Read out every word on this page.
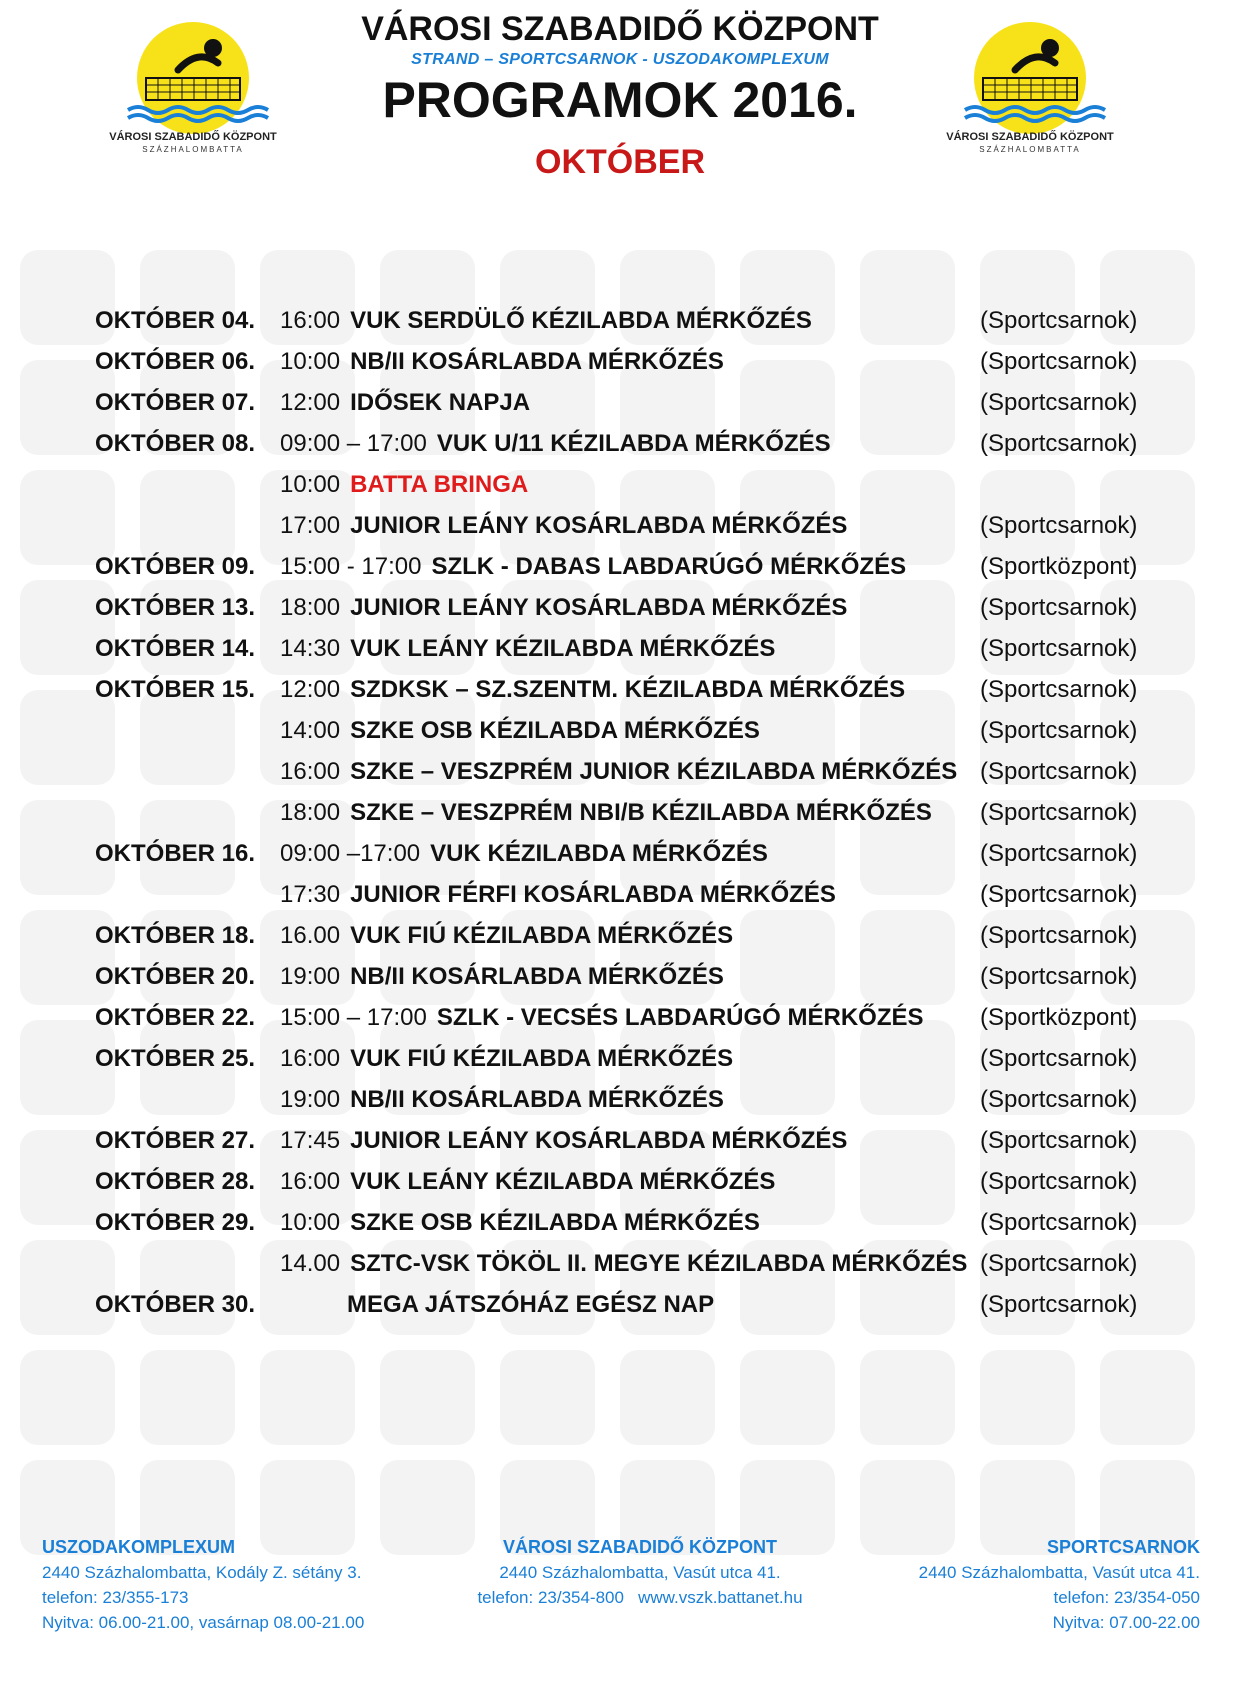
VÁROSI SZABADIDŐ KÖZPONT
SZÁZHALOMBATTA
VÁROSI SZABADIDŐ KÖZPONT
SZÁZHALOMBATTA
VÁROSI SZABADIDŐ KÖZPONT
STRAND – SPORTCSARNOK - USZODAKOMPLEXUM
PROGRAMOK 2016.
OKTÓBER
OKTÓBER 04. 16:00 VUK SERDÜLŐ KÉZILABDA MÉRKŐZÉS	(Sportcsarnok)
OKTÓBER 06. 10:00 NB/II KOSÁRLABDA MÉRKŐZÉS	(Sportcsarnok)
OKTÓBER 07. 12:00 IDŐSEK NAPJA	(Sportcsarnok)
OKTÓBER 08. 09:00 – 17:00 VUK U/11 KÉZILABDA MÉRKŐZÉS	(Sportcsarnok)
10:00 BATTA BRINGA
17:00 JUNIOR LEÁNY KOSÁRLABDA MÉRKŐZÉS	(Sportcsarnok)
OKTÓBER 09. 15:00 - 17:00 SZLK - DABAS LABDARÚGÓ MÉRKŐZÉS	(Sportközpont)
OKTÓBER 13. 18:00 JUNIOR LEÁNY KOSÁRLABDA MÉRKŐZÉS	(Sportcsarnok)
OKTÓBER 14. 14:30 VUK LEÁNY KÉZILABDA MÉRKŐZÉS	(Sportcsarnok)
OKTÓBER 15. 12:00 SZDKSK – SZ.SZENTM. KÉZILABDA MÉRKŐZÉS	(Sportcsarnok)
14:00 SZKE OSB KÉZILABDA MÉRKŐZÉS	(Sportcsarnok)
16:00 SZKE – VESZPRÉM JUNIOR KÉZILABDA MÉRKŐZÉS (Sportcsarnok)
18:00 SZKE – VESZPRÉM NBI/B KÉZILABDA MÉRKŐZÉS (Sportcsarnok)
OKTÓBER 16. 09:00 –17:00 VUK KÉZILABDA MÉRKŐZÉS	(Sportcsarnok)
17:30 JUNIOR FÉRFI KOSÁRLABDA MÉRKŐZÉS	(Sportcsarnok)
OKTÓBER 18. 16.00 VUK FIÚ KÉZILABDA MÉRKŐZÉS	(Sportcsarnok)
OKTÓBER 20. 19:00 NB/II KOSÁRLABDA MÉRKŐZÉS	(Sportcsarnok)
OKTÓBER 22. 15:00 – 17:00 SZLK - VECSÉS LABDARÚGÓ MÉRKŐZÉS (Sportközpont)
OKTÓBER 25. 16:00 VUK FIÚ KÉZILABDA MÉRKŐZÉS	(Sportcsarnok)
19:00 NB/II KOSÁRLABDA MÉRKŐZÉS	(Sportcsarnok)
OKTÓBER 27. 17:45 JUNIOR LEÁNY KOSÁRLABDA MÉRKŐZÉS	(Sportcsarnok)
OKTÓBER 28. 16:00 VUK LEÁNY KÉZILABDA MÉRKŐZÉS	(Sportcsarnok)
OKTÓBER 29. 10:00 SZKE OSB KÉZILABDA MÉRKŐZÉS	(Sportcsarnok)
14.00 SZTC-VSK TÖKÖL II. MEGYE KÉZILABDA MÉRKŐZÉS (Sportcsarnok)
OKTÓBER 30.	MEGA JÁTSZÓHÁZ EGÉSZ NAP	(Sportcsarnok)
USZODAKOMPLEXUM
2440 Százhalombatta, Kodály Z. sétány 3.
telefon: 23/355-173
Nyitva: 06.00-21.00, vasárnap 08.00-21.00
VÁROSI SZABADIDŐ KÖZPONT
2440 Százhalombatta, Vasút utca 41.
telefon: 23/354-800   www.vszk.battanet.hu
SPORTCSARNOK
2440 Százhalombatta, Vasút utca 41.
telefon: 23/354-050
Nyitva: 07.00-22.00
